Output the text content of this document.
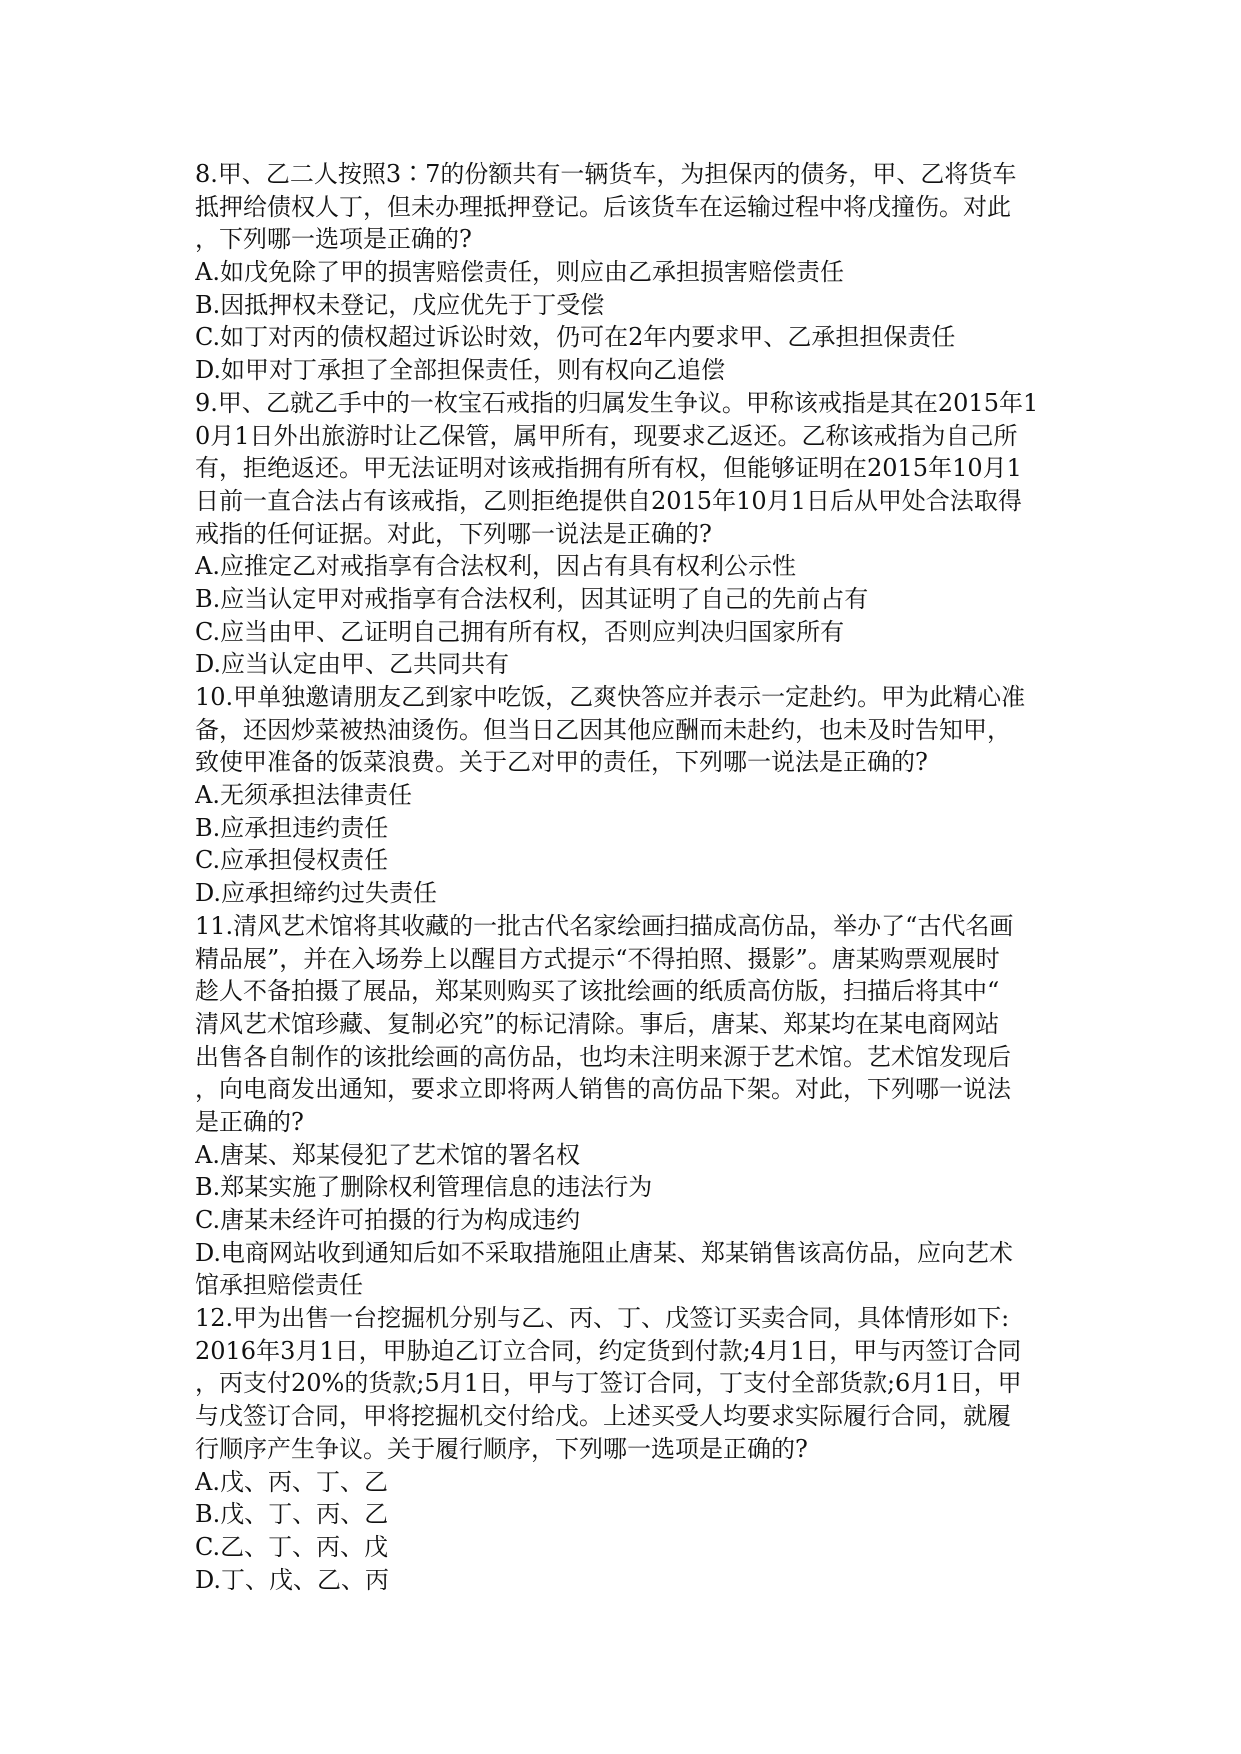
8.甲、乙二人按照3∶7的份额共有一辆货车，为担保丙的债务，甲、乙将货车
抵押给债权人丁，但未办理抵押登记。后该货车在运输过程中将戊撞伤。对此
，下列哪一选项是正确的?
A.如戊免除了甲的损害赔偿责任，则应由乙承担损害赔偿责任
B.因抵押权未登记，戊应优先于丁受偿
C.如丁对丙的债权超过诉讼时效，仍可在2年内要求甲、乙承担担保责任
D.如甲对丁承担了全部担保责任，则有权向乙追偿
9.甲、乙就乙手中的一枚宝石戒指的归属发生争议。甲称该戒指是其在2015年1
0月1日外出旅游时让乙保管，属甲所有，现要求乙返还。乙称该戒指为自己所
有，拒绝返还。甲无法证明对该戒指拥有所有权，但能够证明在2015年10月1
日前一直合法占有该戒指，乙则拒绝提供自2015年10月1日后从甲处合法取得
戒指的任何证据。对此，下列哪一说法是正确的?
A.应推定乙对戒指享有合法权利，因占有具有权利公示性
B.应当认定甲对戒指享有合法权利，因其证明了自己的先前占有
C.应当由甲、乙证明自己拥有所有权，否则应判决归国家所有
D.应当认定由甲、乙共同共有
10.甲单独邀请朋友乙到家中吃饭，乙爽快答应并表示一定赴约。甲为此精心准
备，还因炒菜被热油烫伤。但当日乙因其他应酬而未赴约，也未及时告知甲，
致使甲准备的饭菜浪费。关于乙对甲的责任，下列哪一说法是正确的?
A.无须承担法律责任
B.应承担违约责任
C.应承担侵权责任
D.应承担缔约过失责任
11.清风艺术馆将其收藏的一批古代名家绘画扫描成高仿品，举办了“古代名画
精品展”，并在入场券上以醒目方式提示“不得拍照、摄影”。唐某购票观展时
趁人不备拍摄了展品，郑某则购买了该批绘画的纸质高仿版，扫描后将其中“
清风艺术馆珍藏、复制必究”的标记清除。事后，唐某、郑某均在某电商网站
出售各自制作的该批绘画的高仿品，也均未注明来源于艺术馆。艺术馆发现后
，向电商发出通知，要求立即将两人销售的高仿品下架。对此，下列哪一说法
是正确的?
A.唐某、郑某侵犯了艺术馆的署名权
B.郑某实施了删除权利管理信息的违法行为
C.唐某未经许可拍摄的行为构成违约
D.电商网站收到通知后如不采取措施阻止唐某、郑某销售该高仿品，应向艺术
馆承担赔偿责任
12.甲为出售一台挖掘机分别与乙、丙、丁、戊签订买卖合同，具体情形如下:
2016年3月1日，甲胁迫乙订立合同，约定货到付款;4月1日，甲与丙签订合同
，丙支付20%的货款;5月1日，甲与丁签订合同，丁支付全部货款;6月1日，甲
与戊签订合同，甲将挖掘机交付给戊。上述买受人均要求实际履行合同，就履
行顺序产生争议。关于履行顺序，下列哪一选项是正确的?
A.戊、丙、丁、乙
B.戊、丁、丙、乙
C.乙、丁、丙、戊
D.丁、戊、乙、丙
